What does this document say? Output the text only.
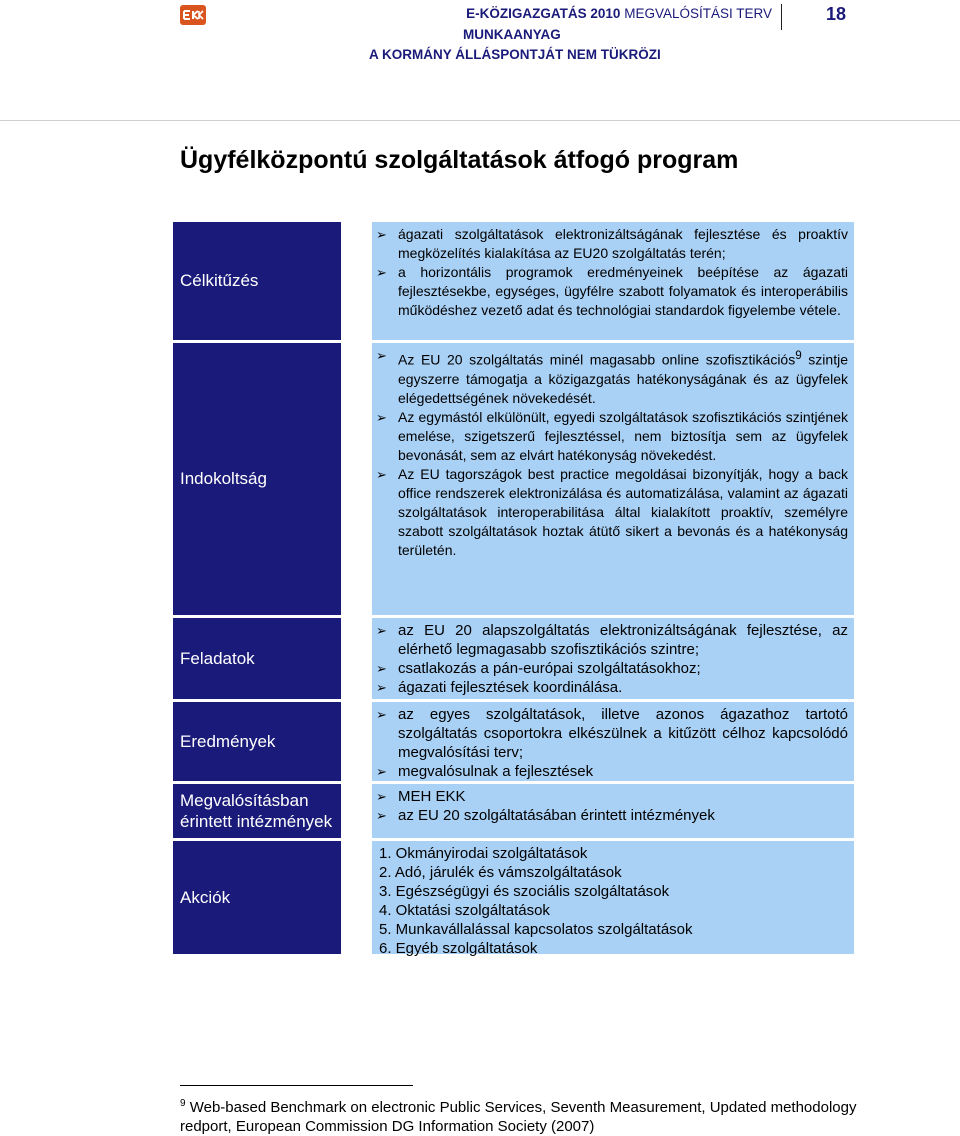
E-KÖZIGAZGATÁS 2010 MEGVALÓSÍTÁSI TERV	18
MUNKAANYAG
A KORMÁNY ÁLLÁSPONTJÁT NEM TÜKRÖZI
Ügyfélközpontú szolgáltatások átfogó program
Célkitűzés
➢ ágazati szolgáltatások elektronizáltságának fejlesztése és proaktív megközelítés kialakítása az EU20 szolgáltatás terén;
➢ a horizontális programok eredményeinek beépítése az ágazati fejlesztésekbe, egységes, ügyfélre szabott folyamatok és interoperábilis működéshez vezető adat és technológiai standardok figyelembe vétele.
Indokoltság
➢ Az EU 20 szolgáltatás minél magasabb online szofisztikációs$^9$ szintje egyszerre támogatja a közigazgatás hatékonyságának és az ügyfelek elégedettségének növekedését.
➢ Az egymástól elkülönült, egyedi szolgáltatások szofisztikációs szintjének emelése, szigetszerű fejlesztéssel, nem biztosítja sem az ügyfelek bevonását, sem az elvárt hatékonyság növekedést.
➢ Az EU tagországok best practice megoldásai bizonyítják, hogy a back office rendszerek elektronizálása és automatizálása, valamint az ágazati szolgáltatások interoperabilitása által kialakított proaktív, személyre szabott szolgáltatások hoztak átütő sikert a bevonás és a hatékonyság területén.
Feladatok
➢ az EU 20 alapszolgáltatás elektronizáltságának fejlesztése, az elérhető legmagasabb szofisztikációs szintre;
➢ csatlakozás a pán-európai szolgáltatásokhoz;
➢ ágazati fejlesztések koordinálása.
Eredmények
➢ az egyes szolgáltatások, illetve azonos ágazathoz tartotó szolgáltatás csoportokra elkészülnek a kitűzött célhoz kapcsolódó megvalósítási terv;
➢ megvalósulnak a fejlesztések
Megvalósításban
érintett intézmények
➢ MEH EKK
➢ az EU 20 szolgáltatásában érintett intézmények
Akciók
1. Okmányirodai szolgáltatások
2. Adó, járulék és vámszolgáltatások
3. Egészségügyi és szociális szolgáltatások
4. Oktatási szolgáltatások
5. Munkavállalással kapcsolatos szolgáltatások
6. Egyéb szolgáltatások
$^9$ Web-based Benchmark on electronic Public Services, Seventh Measurement, Updated methodology redport, European Commission DG Information Society (2007)
